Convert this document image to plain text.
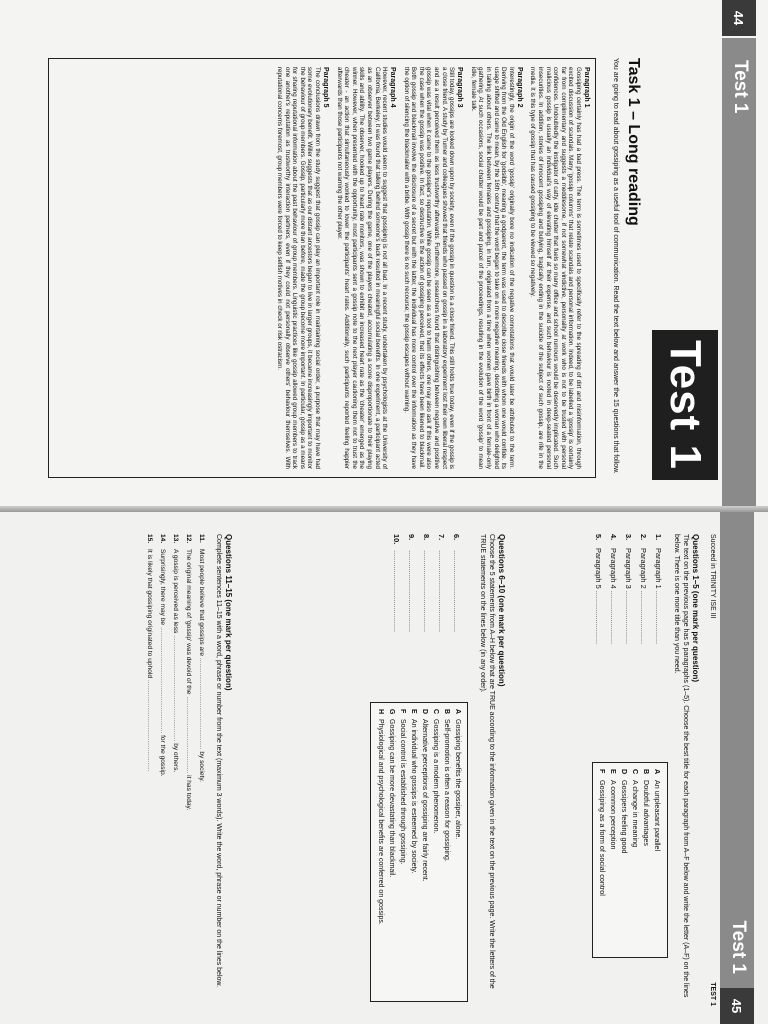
44
Test 1
Test 1
Task 1 – Long reading
You are going to read about gossiping as a useful tool of communication. Read the text below and answer the 15 questions that follow.
Paragraph 1
Gossiping certainly has had a bad press. The term is sometimes used to specifically refer to the spreading of dirt and misinformation, through excited discussion of scandals. Many 'gossip columns' that relate scandals and personal information. Indeed, to be labelled a 'gossip' is certainly far from complimentary and suggests a meddlesome, if not somewhat vindictive, personality at work who is not to be trusted with personal confidences. Undoubtedly the instigator of catty, idle chatter that fuels so many office and school rumours would be deservedly implicated. Such malicious gossip is usually an individual's way of elevating himself at their expense, and such behaviour is rooted in deep-seated personal insecurities. In addition, stories of innocent gossiping and bullying, tragically ending in the suicide of the subject of such gossip, are rife in the media. It is this type of gossip that has caused gossiping to be viewed so negatively.
Paragraph 2
Interestingly, the origin of the word 'gossip' originally bore no indication of the negative connotations that would later be attributed to the term. Deriving from the Old English for 'godsibb', meaning a godparent, the term was used to describe close friends with whom one would confide. Its usage shifted and came to mean, by the 16th century that the word began to take on a more negative meaning, describing a woman who delighted in talking about others. The link between females and gossiping, in turn, originated from a time when women gave birth in front of a female-only gathering. At such occasions, social chatter would be part and parcel of the proceedings, resulting in the evolution of the word 'gossip' to mean idle, female talk.
Paragraph 3
Still today, gossips are looked down upon by society, even if the gossip in question is a close friend. This still holds true today, even if the gossip is a close friend. A study by Turner and colleagues showed that friends who passed on gossip in a laboratory experiment lost their own liberal respect and as a result perceived them as less trustworthy afterwards. Furthermore, researchers found that distinguishing between negative and positive gossip was vital when it came to the gossiper's reputation. While gossip can be seen as a tool to harm others, one may also ask if this were also the case when the gossip was positive. In fact, so destructive is the action of gossiping perceived, that its effects have been likened to blackmail. Both gossip and blackmail involve the disclosure of a secret but with the latter, the individual has more control over the information as they have the option of silencing the blackmailer with a bribe. With gossip there is no such recourse; the gossip escapes without warning.
Paragraph 4
However, recent studies would seem to suggest that gossiping is not all bad. In a recent study, undertaken by psychologists at the University of California, Berkeley, it was found that talking behind someone's back resulted in meaningful social benefits. In one experiment, a participant acted as an observer between two game players. During the game, one of the players cheated, accumulating a score disproportionate to their playing skills and ability. The observer, hooked up to heart rate monitors, was shown to exhibit an increased heart rate as the 'cheater' emerged as the winner. However, when presented with the opportunity, most participants sent a gossip note to the next player cautioning them not to trust the cheater - an action that simultaneously worked to lower the participants' heart rates. Additionally, such participants reported feeling happier afterwards than those participants not warning the other player.
Paragraph 5
The conclusions drawn from the study suggest that gossip can play an important role in maintaining social order, a purpose that may have had some evolutionary benefit. Willer suggests that as our distant ancestors began to live in larger groups, it became increasingly important to monitor the behaviour of group members. Gossip, particularly more than before, made the group become more important. In particular, gossip as a means for sharing reputational information about the past behaviour of group members. Linguistic practices like gossip allowed group members to track one another's reputation as trustworthy interaction partners, even if they could not personally observe others' behaviour themselves. With reputational concerns foremost, group members were forced to keep selfish motives in check or risk ostracism.
45
Test 1
Succeed in TRINITY ISE III
TEST 1
Questions 1–5 (one mark per question)
The text on the previous page has 5 paragraphs (1–5). Choose the best title for each paragraph from A–F below and write the letter (A–F) on the lines below. There is one more title than you need.
1.Paragraph 1 ..........................
2.Paragraph 2 ..........................
3.Paragraph 3 ..........................
4.Paragraph 4 ..........................
5.Paragraph 5 ..........................
AAn unpleasant parallel
BDoubtful advantages
CA change in meaning
DGossipers feeling good
EA common perception
FGossiping as a form of social control
Questions 6–10 (one mark per question)
Choose the 5 statements from A–H below that are TRUE according to the information given in the text on the previous page. Write the letters of the TRUE statements on the lines below (in any order).
6. ........................................
7. ........................................
8. ........................................
9. ........................................
10. ........................................
AGossiping benefits the gossiper, alone.
BSelf-promotion is often a reason for gossiping.
CGossiping is a modern phenomenon.
DAlternative perceptions of gossiping are fairly recent.
EAn individual who gossips is esteemed by society.
FSocial control is established through gossiping.
GGossiping can be more devastating than blackmail.
HPhysiological and psychological benefits are conferred on gossips.
Questions 11–15 (one mark per question)
Complete sentences 11–15 with a word, phrase or number from the text (maximum 3 words). Write the word, phrase or number on the lines below.
11.Most people believe that gossips are .................................................. by society.
12.The original meaning of 'gossip' was devoid of the .......................................... it has today.
13.A gossip is perceived as less .......................................................... by others.
14.Surprisingly, there may be .......................................................... for the gossip.
15.It is likely that gossiping originated to uphold ..................................................
